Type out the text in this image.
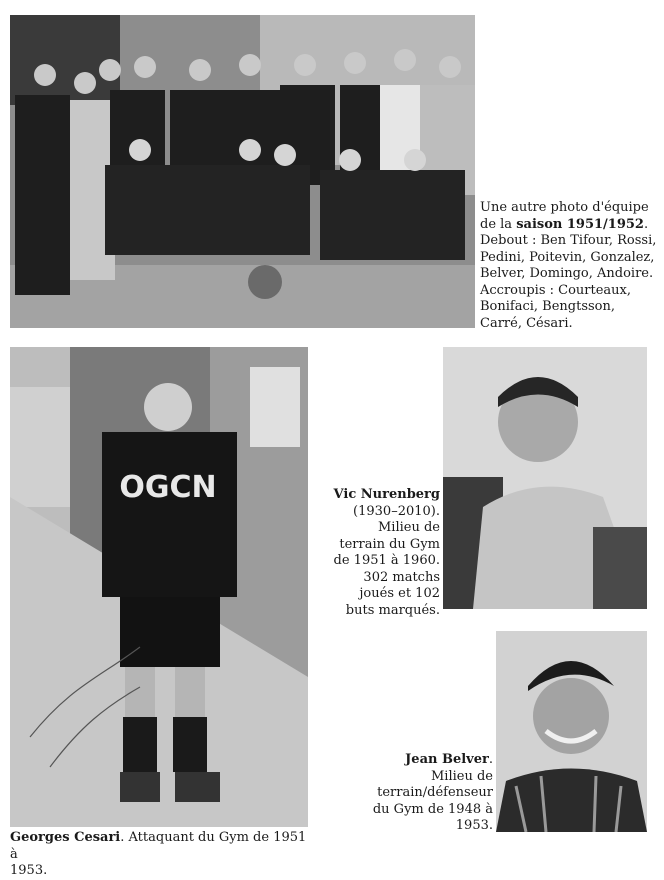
Une autre photo d'équipe
de la saison 1951/1952.
Debout : Ben Tifour, Rossi,
Pedini, Poitevin, Gonzalez,
Belver, Domingo, Andoire.
Accroupis : Courteaux,
Bonifaci, Bengtsson,
Carré, Césari.
OGCN
Georges Cesari. Attaquant du Gym de 1951 à
1953.
Vic Nurenberg
(1930–2010).
Milieu de
terrain du Gym
de 1951 à 1960.
302 matchs
joués et 102
buts marqués.
Jean Belver.
Milieu de
terrain/défenseur
du Gym de 1948 à
1953.
